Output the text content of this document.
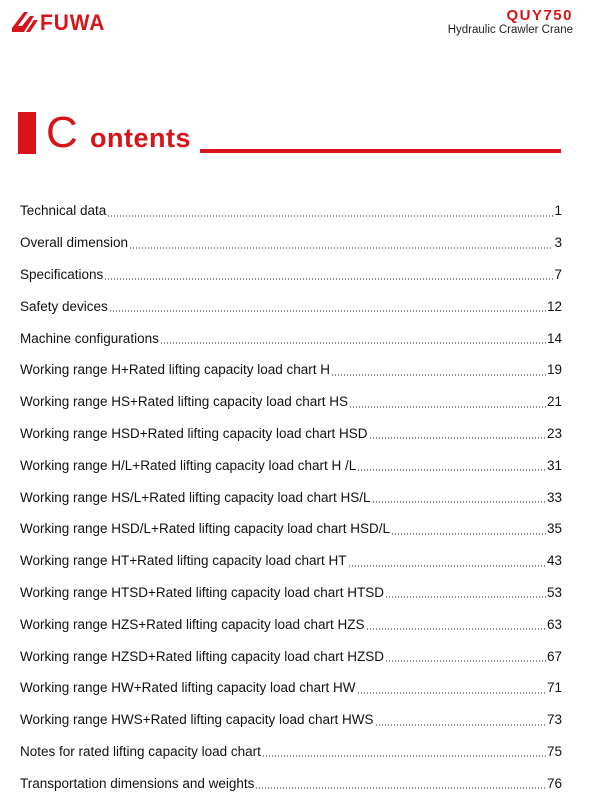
FUWA	QUY750
Hydraulic Crawler Crane
C ontents
Technical data	1
Overall dimension	3
Specifications	7
Safety devices	12
Machine configurations	14
Working range H+Rated lifting capacity load chart H	19
Working range HS+Rated lifting capacity load chart HS	21
Working range HSD+Rated lifting capacity load chart HSD	23
Working range H/L+Rated lifting capacity load chart H /L	31
Working range HS/L+Rated lifting capacity load chart HS/L	33
Working range HSD/L+Rated lifting capacity load chart HSD/L	35
Working range HT+Rated lifting capacity load chart HT	43
Working range HTSD+Rated lifting capacity load chart HTSD	53
Working range HZS+Rated lifting capacity load chart HZS	63
Working range HZSD+Rated lifting capacity load chart HZSD	67
Working range HW+Rated lifting capacity load chart HW	71
Working range HWS+Rated lifting capacity load chart HWS	73
Notes for rated lifting capacity load chart	75
Transportation dimensions and weights	76
